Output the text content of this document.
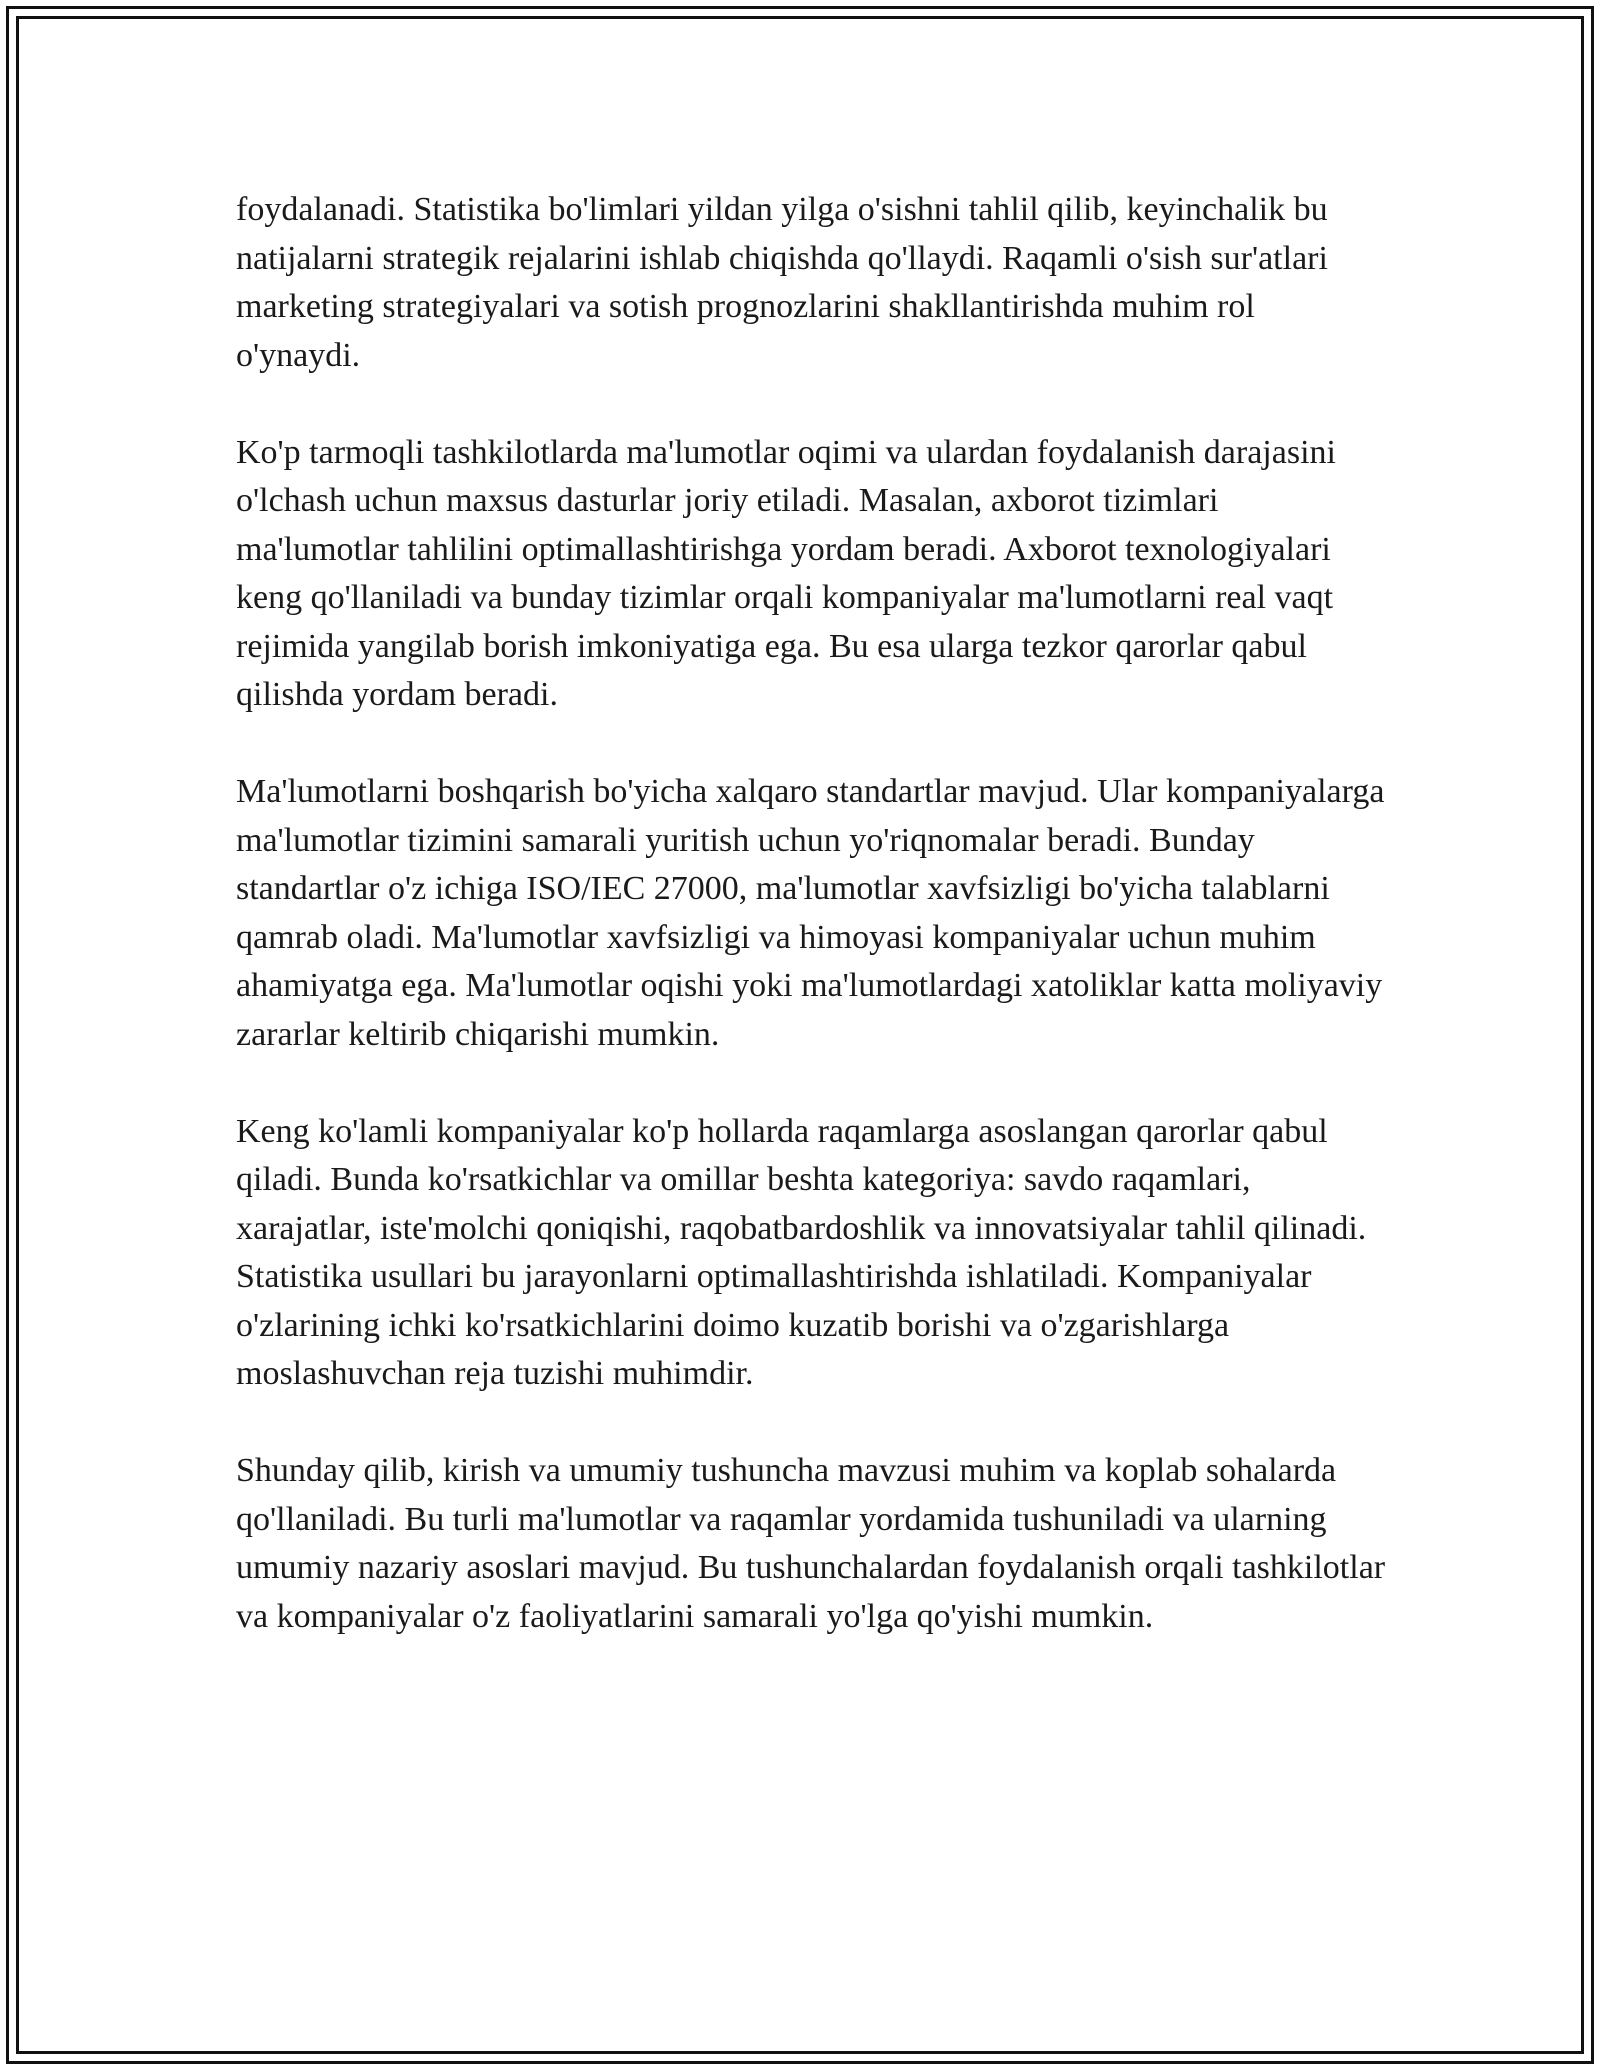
foydalanadi. Statistika bo'limlari yildan yilga o'sishni tahlil qilib, keyinchalik bu natijalarni strategik rejalarini ishlab chiqishda qo'llaydi. Raqamli o'sish sur'atlari marketing strategiyalari va sotish prognozlarini shakllantirishda muhim rol o'ynaydi.

Ko'p tarmoqli tashkilotlarda ma'lumotlar oqimi va ulardan foydalanish darajasini o'lchash uchun maxsus dasturlar joriy etiladi. Masalan, axborot tizimlari ma'lumotlar tahlilini optimallashtirishga yordam beradi. Axborot texnologiyalari keng qo'llaniladi va bunday tizimlar orqali kompaniyalar ma'lumotlarni real vaqt rejimida yangilab borish imkoniyatiga ega. Bu esa ularga tezkor qarorlar qabul qilishda yordam beradi.

Ma'lumotlarni boshqarish bo'yicha xalqaro standartlar mavjud. Ular kompaniyalarga ma'lumotlar tizimini samarali yuritish uchun yo'riqnomalar beradi. Bunday standartlar o'z ichiga ISO/IEC 27000, ma'lumotlar xavfsizligi bo'yicha talablarni qamrab oladi. Ma'lumotlar xavfsizligi va himoyasi kompaniyalar uchun muhim ahamiyatga ega. Ma'lumotlar oqishi yoki ma'lumotlardagi xatoliklar katta moliyaviy zararlar keltirib chiqarishi mumkin.

Keng ko'lamli kompaniyalar ko'p hollarda raqamlarga asoslangan qarorlar qabul qiladi. Bunda ko'rsatkichlar va omillar beshta kategoriya: savdo raqamlari, xarajatlar, iste'molchi qoniqishi, raqobatbardoshlik va innovatsiyalar tahlil qilinadi. Statistika usullari bu jarayonlarni optimallashtirishda ishlatiladi. Kompaniyalar o'zlarining ichki ko'rsatkichlarini doimo kuzatib borishi va o'zgarishlarga moslashuvchan reja tuzishi muhimdir.

Shunday qilib, kirish va umumiy tushuncha mavzusi muhim va koplab sohalarda qo'llaniladi. Bu turli ma'lumotlar va raqamlar yordamida tushuniladi va ularning umumiy nazariy asoslari mavjud. Bu tushunchalardan foydalanish orqali tashkilotlar va kompaniyalar o'z faoliyatlarini samarali yo'lga qo'yishi mumkin.
